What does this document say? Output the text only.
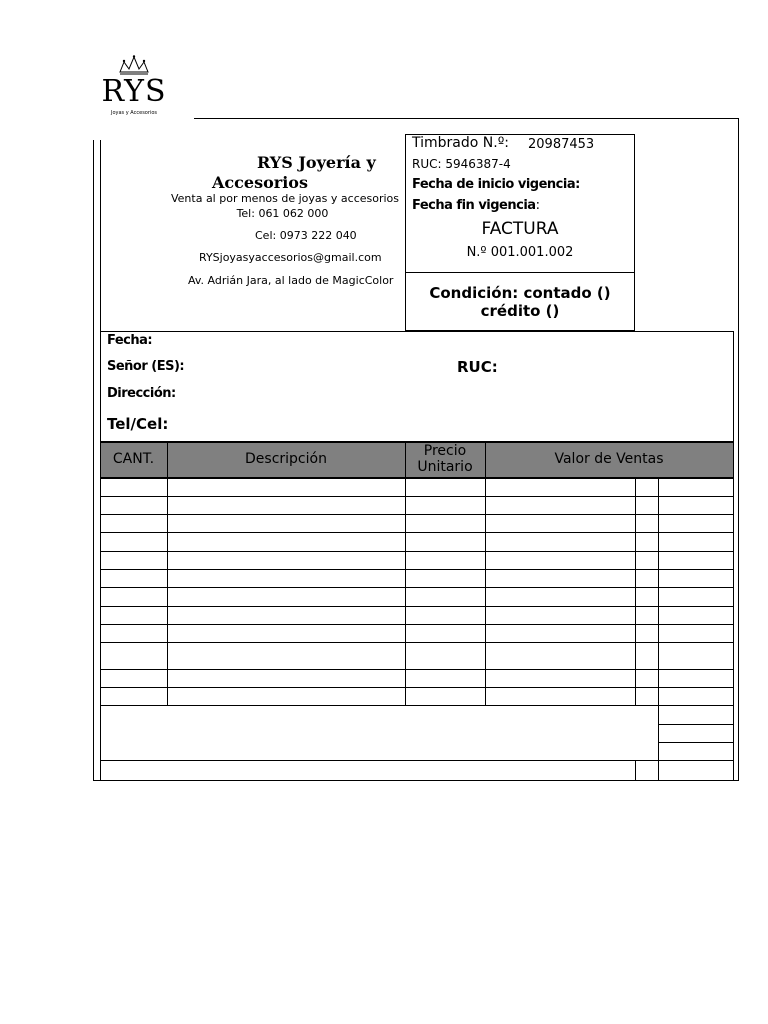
RYS
Joyas y Accesorios
Timbrado N.º: 20987453
RUC: 5946387-4
Fecha de inicio vigencia:
Fecha fin vigencia:
FACTURA
N.º 001.001.002
Condición: contado ()
crédito ()
RYS Joyería y
Accesorios
Venta al por menos de joyas y accesorios
Tel: 061 062 000
Cel: 0973 222 040
RYSjoyasyaccesorios@gmail.com
Av. Adrián Jara, al lado de MagicColor
Fecha:
Señor (ES):	RUC:
Dirección:
Tel/Cel:
CANT.	Descripción	Precio Unitario	Valor de Ventas
